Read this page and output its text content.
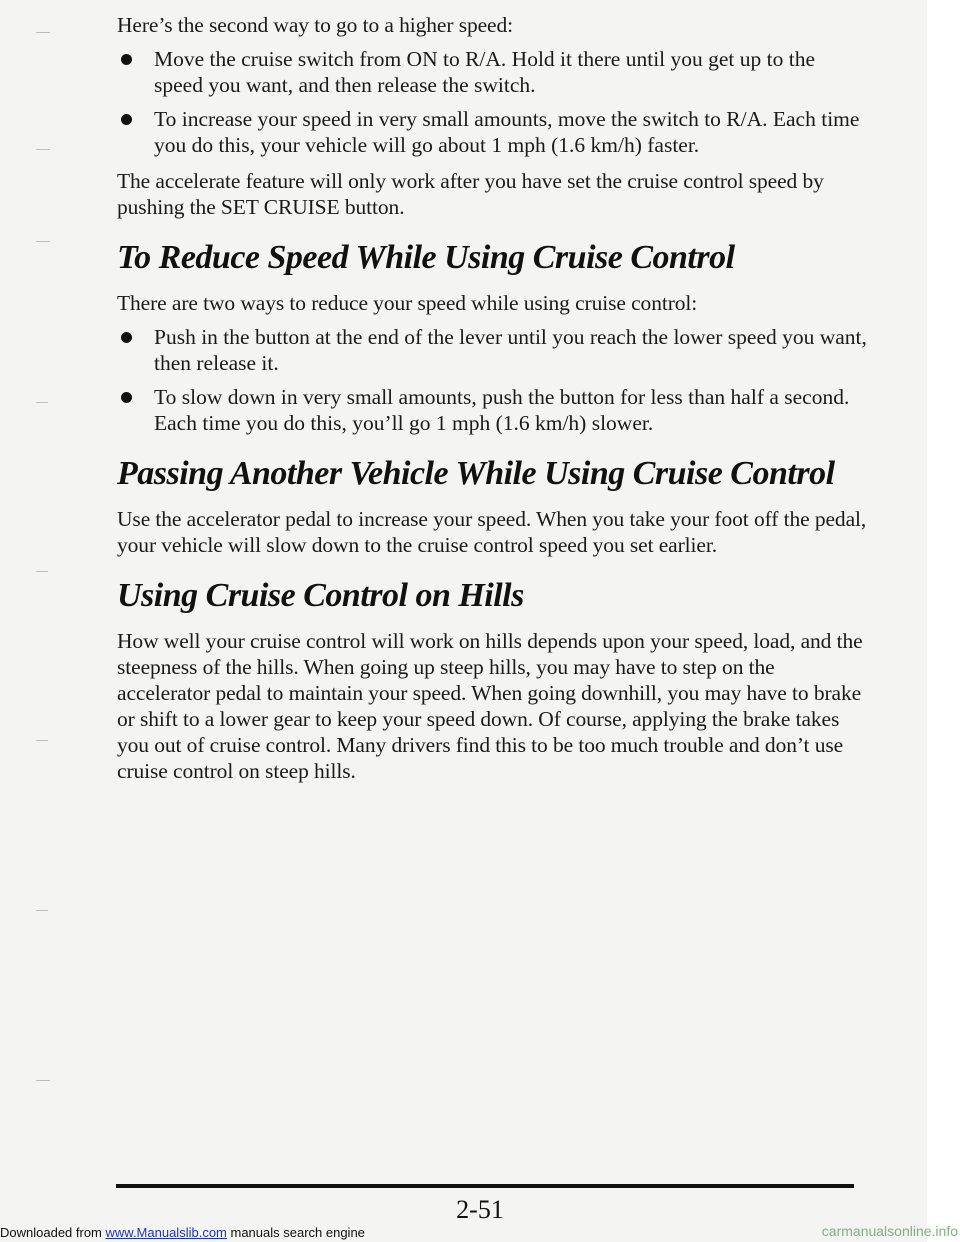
Here’s the second way to go to a higher speed:

Move the cruise switch from ON to R/A. Hold it there until you get up to the speed you want, and then release the switch.
To increase your speed in very small amounts, move the switch to R/A. Each time you do this, your vehicle will go about 1 mph (1.6 km/h) faster.

The accelerate feature will only work after you have set the cruise control speed by pushing the SET CRUISE button.

To Reduce Speed While Using Cruise Control

There are two ways to reduce your speed while using cruise control:

Push in the button at the end of the lever until you reach the lower speed you want, then release it.
To slow down in very small amounts, push the button for less than half a second. Each time you do this, you’ll go 1 mph (1.6 km/h) slower.
Passing Another Vehicle While Using Cruise Control

Use the accelerator pedal to increase your speed. When you take your foot off the pedal, your vehicle will slow down to the cruise control speed you set earlier.

Using Cruise Control on Hills

How well your cruise control will work on hills depends upon your speed, load, and the steepness of the hills. When going up steep hills, you may have to step on the accelerator pedal to maintain your speed. When going downhill, you may have to brake or shift to a lower gear to keep your speed down. Of course, applying the brake takes you out of cruise control. Many drivers find this to be too much trouble and don’t use cruise control on steep hills.

2-51
Downloaded from www.Manualslib.com manuals search engine	carmanualsonline.info
